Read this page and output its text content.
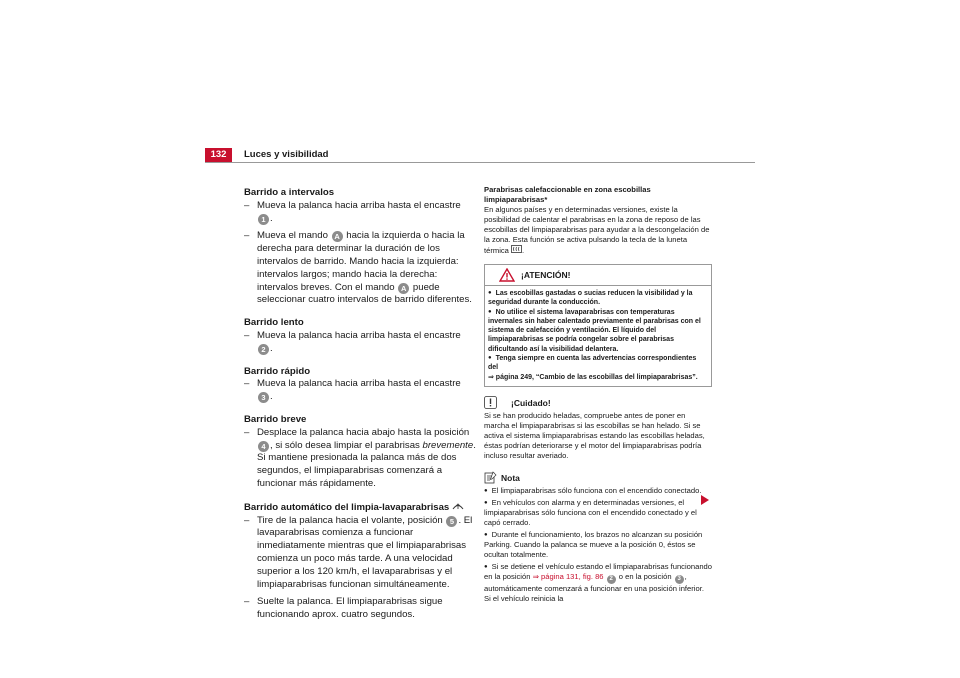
132	Luces y visibilidad
Barrido a intervalos
– Mueva la palanca hacia arriba hasta el encastre 1 .
– Mueva el mando A hacia la izquierda o hacia la derecha para determinar la duración de los intervalos de barrido. Mando hacia la izquierda: intervalos largos; mando hacia la derecha: intervalos breves. Con el mando A puede seleccionar cuatro intervalos de barrido diferentes.
Barrido lento
– Mueva la palanca hacia arriba hasta el encastre 2 .
Barrido rápido
– Mueva la palanca hacia arriba hasta el encastre 3 .
Barrido breve
– Desplace la palanca hacia abajo hasta la posición 4 , si sólo desea limpiar el parabrisas brevemente. Si mantiene presionada la palanca más de dos segundos, el limpiaparabrisas comenzará a funcionar más rápidamente.
Barrido automático del limpia-lavaparabrisas
– Tire de la palanca hacia el volante, posición 5 . El lavaparabrisas comienza a funcionar inmediatamente mientras que el limpiaparabrisas comienza un poco más tarde. A una velocidad superior a los 120 km/h, el lavaparabrisas y el limpiaparabrisas funcionan simultáneamente.
– Suelte la palanca. El limpiaparabrisas sigue funcionando aprox. cuatro segundos.
Parabrisas calefaccionable en zona escobillas limpiaparabrisas*
En algunos países y en determinadas versiones, existe la posibilidad de calentar el parabrisas en la zona de reposo de las escobillas del limpiaparabrisas para ayudar a la descongelación de la zona. Esta función se activa pulsando la tecla de la luneta térmica .
¡ATENCIÓN!
● Las escobillas gastadas o sucias reducen la visibilidad y la seguridad durante la conducción.
● No utilice el sistema lavaparabrisas con temperaturas invernales sin haber calentado previamente el parabrisas con el sistema de calefacción y ventilación. El líquido del limpiaparabrisas se podría congelar sobre el parabrisas dificultando así la visibilidad delantera.
● Tenga siempre en cuenta las advertencias correspondientes del
⇒ página 249, “Cambio de las escobillas del limpiaparabrisas”.
¡Cuidado!
Si se han producido heladas, compruebe antes de poner en marcha el limpiaparabrisas si las escobillas se han helado. Si se activa el sistema limpiaparabrisas estando las escobillas heladas, éstas podrían deteriorarse y el motor del limpiaparabrisas podría incluso resultar averiado.
Nota
● El limpiaparabrisas sólo funciona con el encendido conectado.
● En vehículos con alarma y en determinadas versiones, el limpiaparabrisas sólo funciona con el encendido conectado y el capó cerrado.
● Durante el funcionamiento, los brazos no alcanzan su posición Parking. Cuando la palanca se mueve a la posición 0, éstos se ocultan totalmente.
● Si se detiene el vehículo estando el limpiaparabrisas funcionando en la posición ⇒ página 131, fig. 86 2 o en la posición 3 , automáticamente comenzará a funcionar en una posición inferior. Si el vehículo reinicia la
